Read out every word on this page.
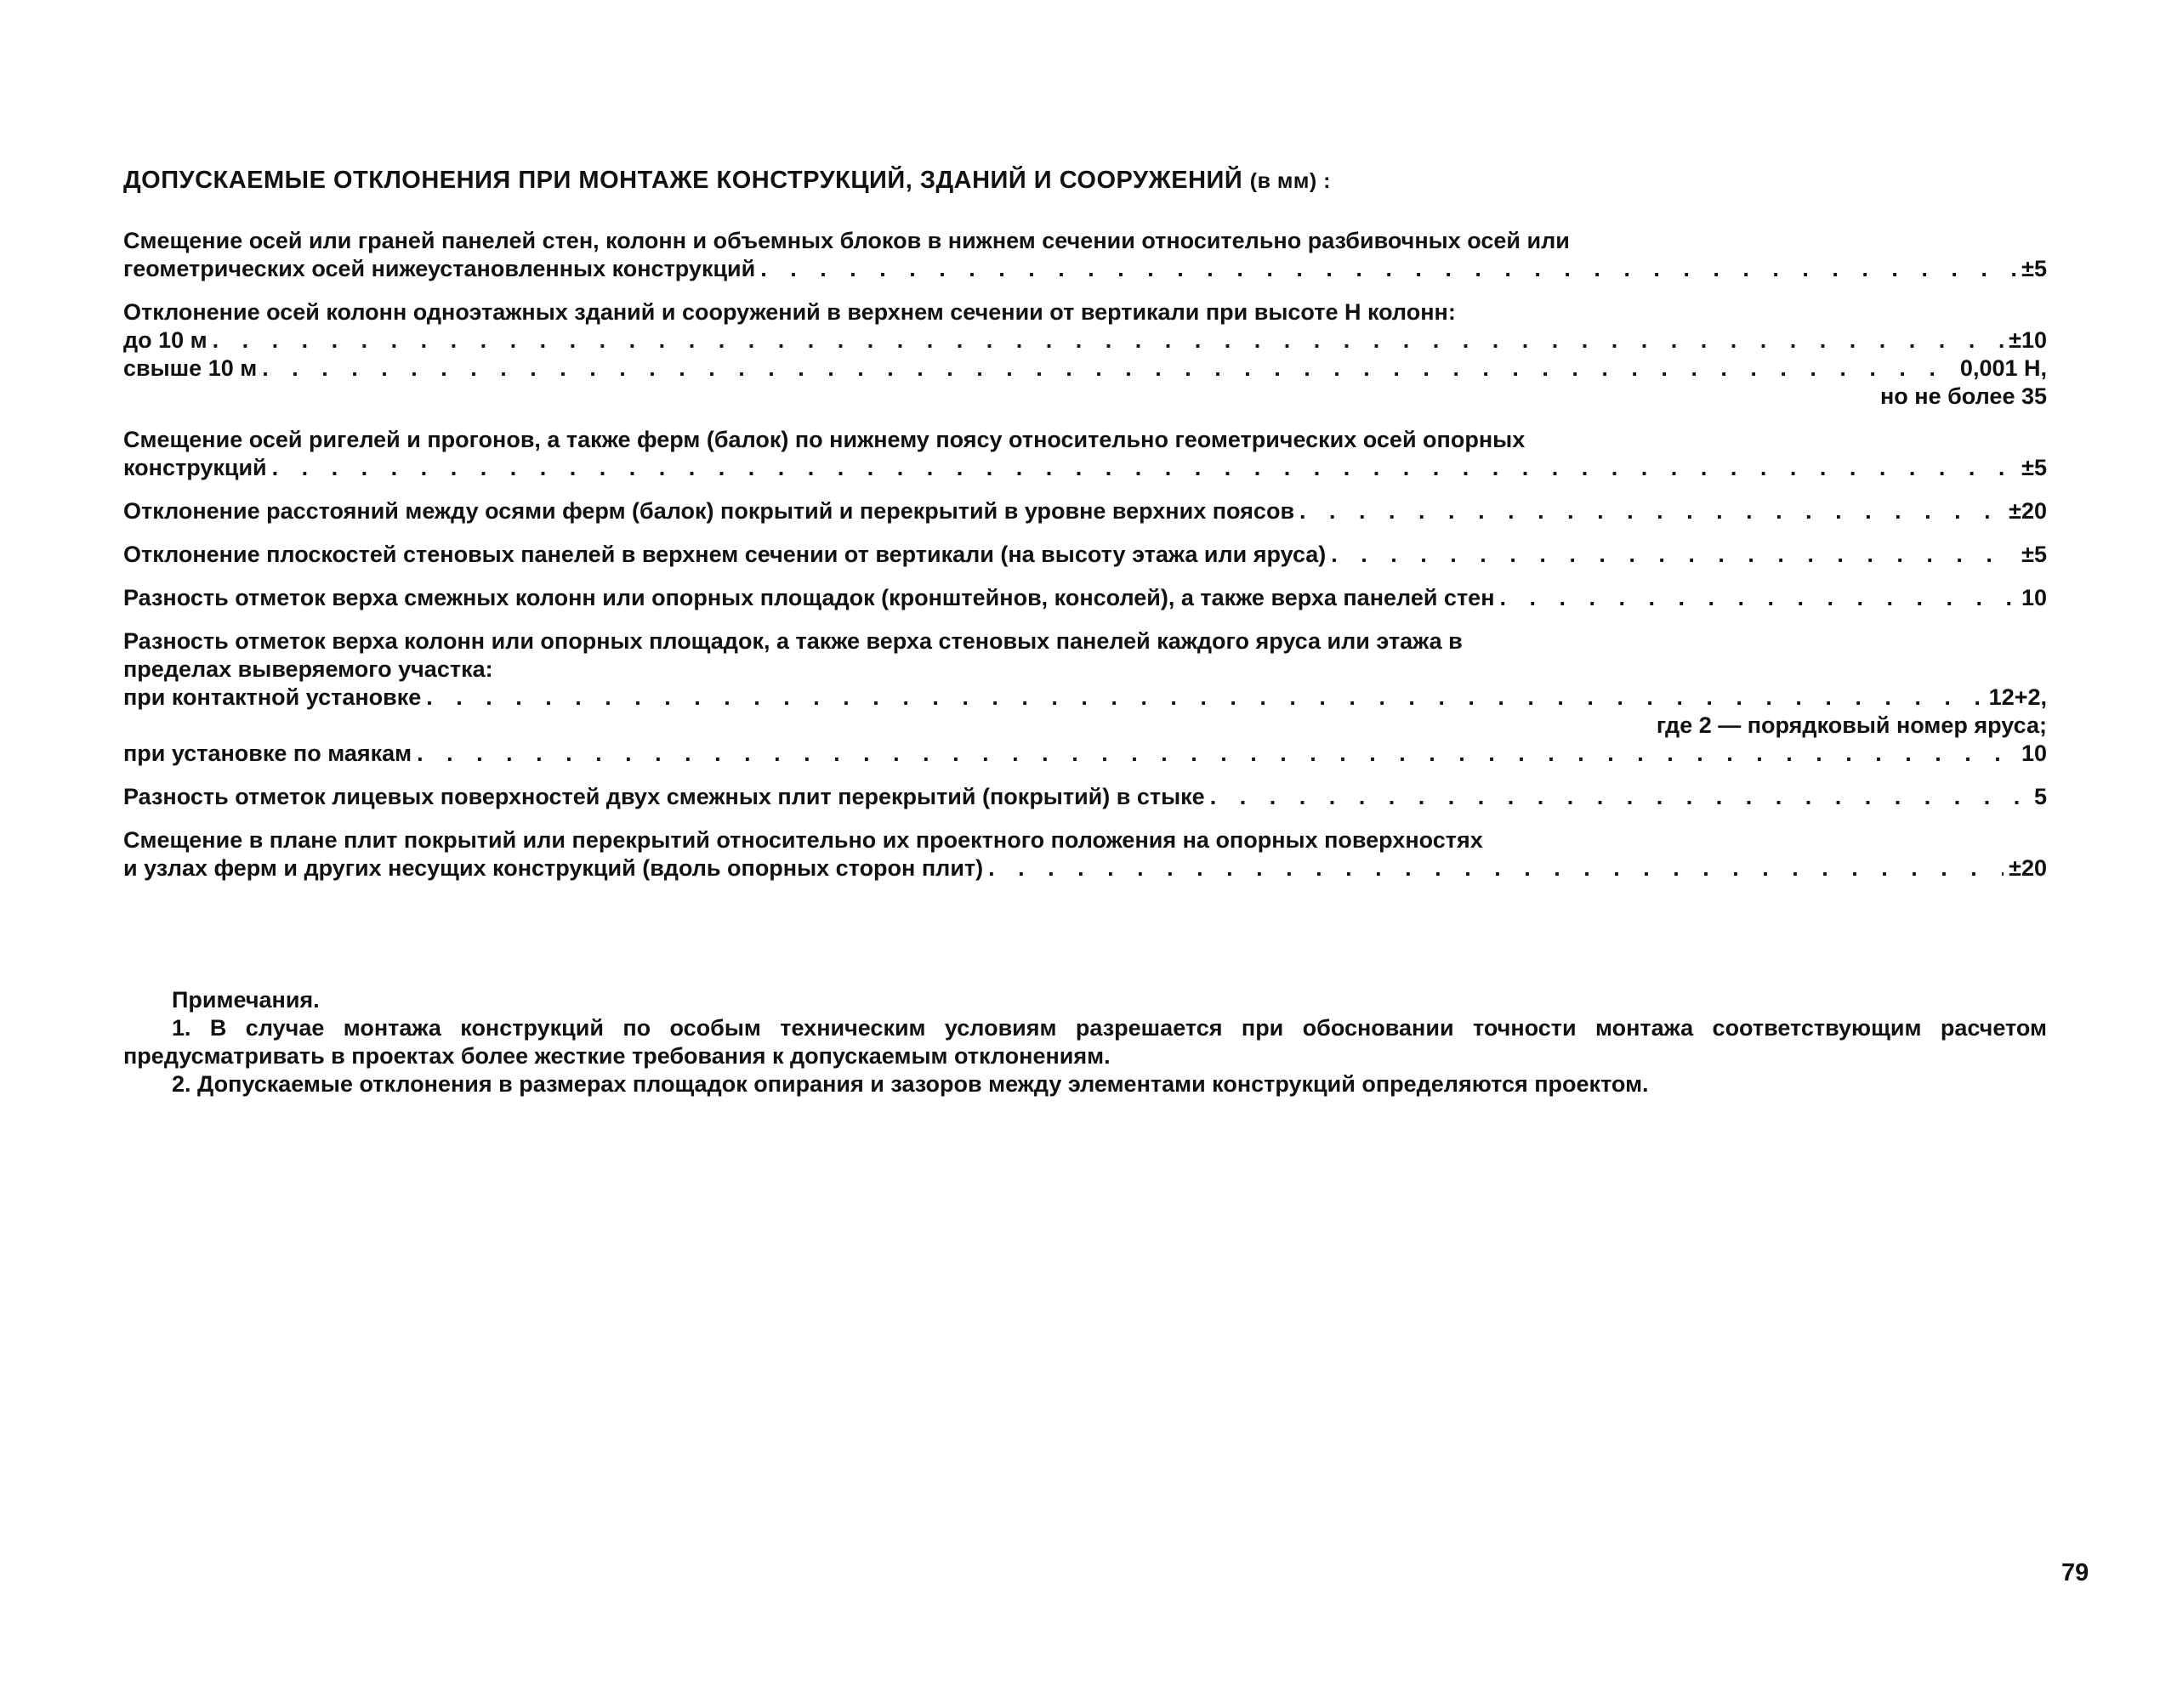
ДОПУСКАЕМЫЕ ОТКЛОНЕНИЯ ПРИ МОНТАЖЕ КОНСТРУКЦИЙ, ЗДАНИЙ И СООРУЖЕНИЙ (в мм) :
Смещение осей или граней панелей стен, колонн и объемных блоков в нижнем сечении относительно разбивочных осей или
геометрических осей нижеустановленных конструкций . . .	±5
Отклонение осей колонн одноэтажных зданий и сооружений в верхнем сечении от вертикали при высоте Н колонн:
до 10 м . . .	±10
свыше 10 м . . .	0,001 Н,
но не более 35
Смещение осей ригелей и прогонов, а также ферм (балок) по нижнему поясу относительно геометрических осей опорных
конструкций . . .	±5
Отклонение расстояний между осями ферм (балок) покрытий и перекрытий в уровне верхних поясов . . .	±20
Отклонение плоскостей стеновых панелей в верхнем сечении от вертикали (на высоту этажа или яруса) . . .	±5
Разность отметок верха смежных колонн или опорных площадок (кронштейнов, консолей), а также верха панелей стен . . .	10
Разность отметок верха колонн или опорных площадок, а также верха стеновых панелей каждого яруса или этажа в
пределах выверяемого участка:
при контактной установке . . .	12+2,
где 2 — порядковый номер яруса;
при установке по маякам . . .	10
Разность отметок лицевых поверхностей двух смежных плит перекрытий (покрытий) в стыке . . .	5
Смещение в плане плит покрытий или перекрытий относительно их проектного положения на опорных поверхностях
и узлах ферм и других несущих конструкций (вдоль опорных сторон плит) . . .	±20
Примечания.
1. В случае монтажа конструкций по особым техническим условиям разрешается при обосновании точности монтажа соответствующим расчетом предусматривать в проектах более жесткие требования к допускаемым отклонениям.
2. Допускаемые отклонения в размерах площадок опирания и зазоров между элементами конструкций определяются проектом.
79
